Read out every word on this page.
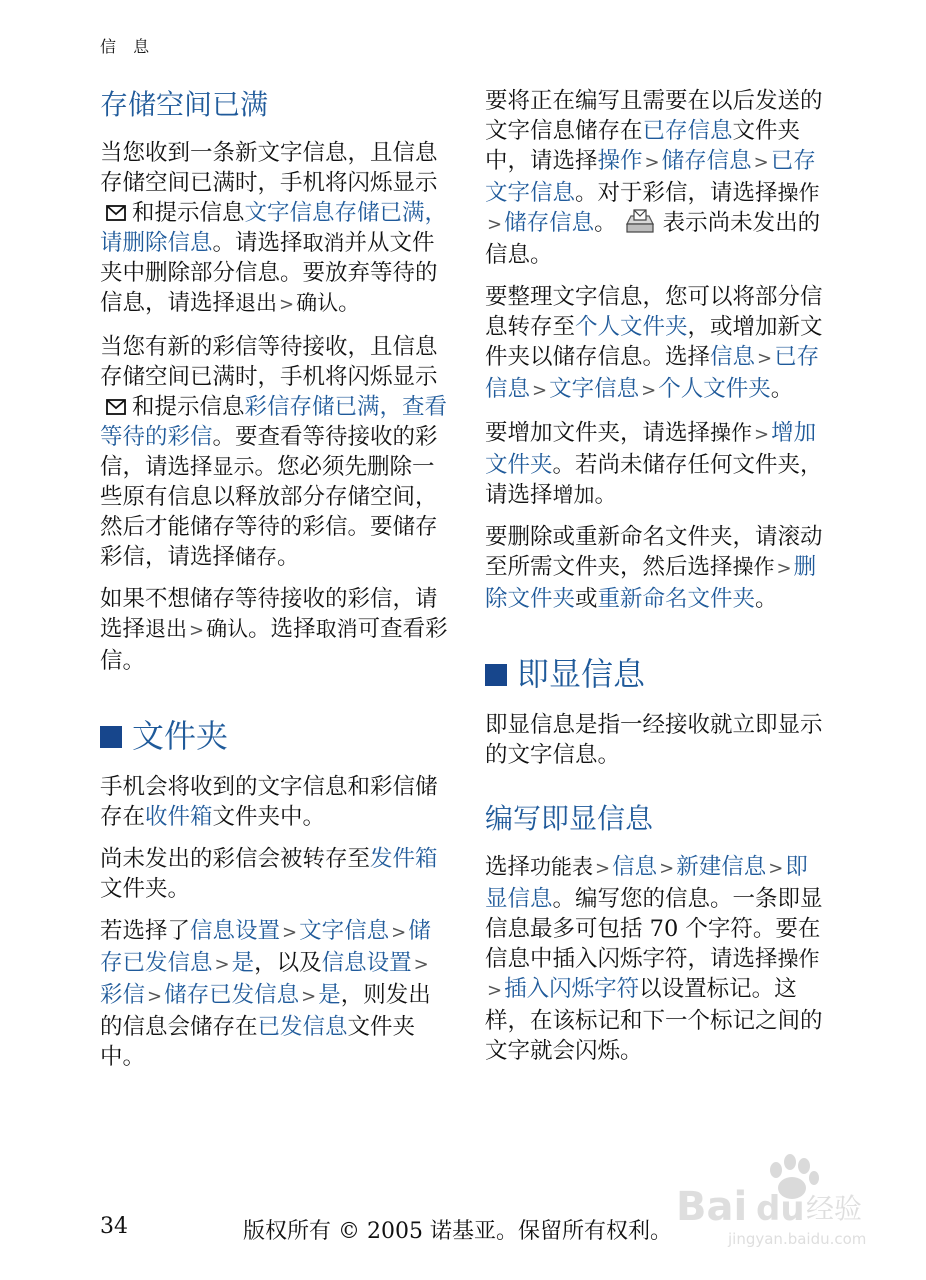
信 息
存储空间已满

当您收到一条新文字信息，且信息存储空间已满时，手机将闪烁显示和提示信息文字信息存储已满，请删除信息。请选择取消并从文件夹中删除部分信息。要放弃等待的信息，请选择退出 >确认。

当您有新的彩信等待接收，且信息存储空间已满时，手机将闪烁显示和提示信息彩信存储已满，查看等待的彩信。要查看等待接收的彩信，请选择显示。您必须先删除一些原有信息以释放部分存储空间，然后才能储存等待的彩信。要储存彩信，请选择储存。

如果不想储存等待接收的彩信，请选择退出 >确认。选择取消可查看彩信。

文件夹

手机会将收到的文字信息和彩信储存在收件箱文件夹中。

尚未发出的彩信会被转存至发件箱文件夹。

若选择了信息设置 >文字信息 >储存已发信息 >是，以及信息设置 >彩信 >储存已发信息 >是，则发出的信息会储存在已发信息文件夹中。

要将正在编写且需要在以后发送的文字信息储存在已存信息文件夹中，请选择操作 >储存信息 >已存文字信息。对于彩信，请选择操作>储存信息。 表示尚未发出的信息。

要整理文字信息，您可以将部分信息转存至个人文件夹，或增加新文件夹以储存信息。选择信息 >已存信息 >文字信息 >个人文件夹。

要增加文件夹，请选择操作 >增加文件夹。若尚未储存任何文件夹，请选择增加。

要删除或重新命名文件夹，请滚动至所需文件夹，然后选择操作 >删除文件夹或重新命名文件夹。

即显信息

即显信息是指一经接收就立即显示的文字信息。

编写即显信息

选择功能表 >信息 >新建信息 >即显信息。编写您的信息。一条即显信息最多可包括 70 个字符。要在信息中插入闪烁字符，请选择操作>插入闪烁字符以设置标记。这样，在该标记和下一个标记之间的文字就会闪烁。

Bai du 经验
jingyan.baidu.com
34	版权所有 © 2005 诺基亚。保留所有权利。
